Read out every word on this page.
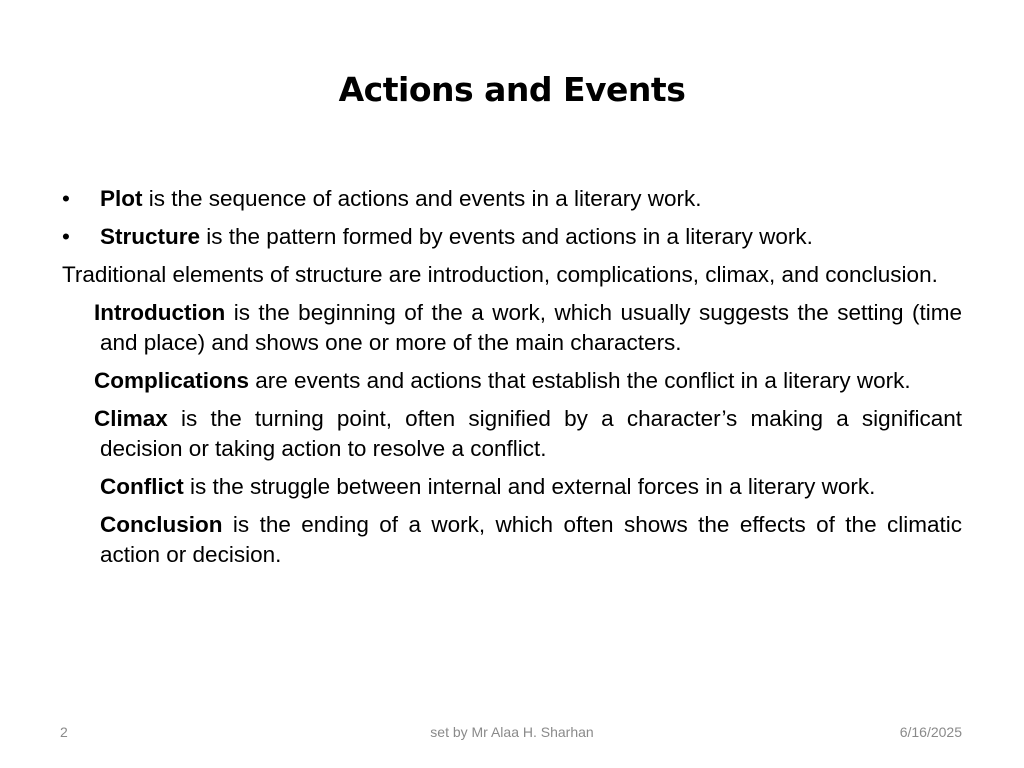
Actions and Events
•	Plot is the sequence of actions and events in a literary work.
•	Structure is the pattern formed by events and actions in a literary work.
Traditional elements of structure are introduction, complications, climax, and conclusion.
Introduction is the beginning of the a work, which usually suggests the setting (time and place) and shows one or more of the main characters.
Complications are events and actions that establish the conflict in a literary work.
Climax is the turning point, often signified by a character’s making a significant decision or taking action to resolve a conflict.
Conflict is the struggle between internal and external forces in a literary work.
Conclusion is the ending of a work, which often shows the effects of the climatic action or decision.
2	set by Mr Alaa H. Sharhan	6/16/2025
